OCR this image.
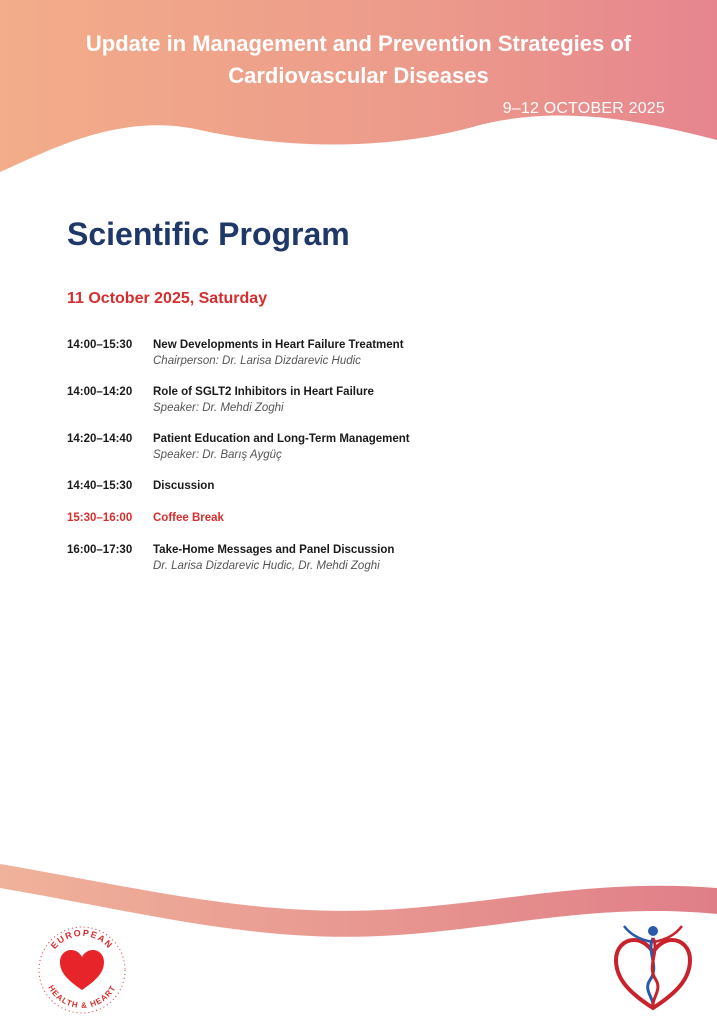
Update in Management and Prevention Strategies of
Cardiovascular Diseases
9–12 OCTOBER 2025
Scientific Program
11 October 2025, Saturday
14:00–15:30	New Developments in Heart Failure Treatment
Chairperson: Dr. Larisa Dizdarevic Hudic
14:00–14:20	Role of SGLT2 Inhibitors in Heart Failure
Speaker: Dr. Mehdi Zoghi
14:20–14:40	Patient Education and Long-Term Management
Speaker: Dr. Barış Aygüç
14:40–15:30	Discussion
15:30–16:00	Coffee Break
16:00–17:30	Take-Home Messages and Panel Discussion
Dr. Larisa Dizdarevic Hudic, Dr. Mehdi Zoghi
EUROPEAN
HEALTH & HEART
